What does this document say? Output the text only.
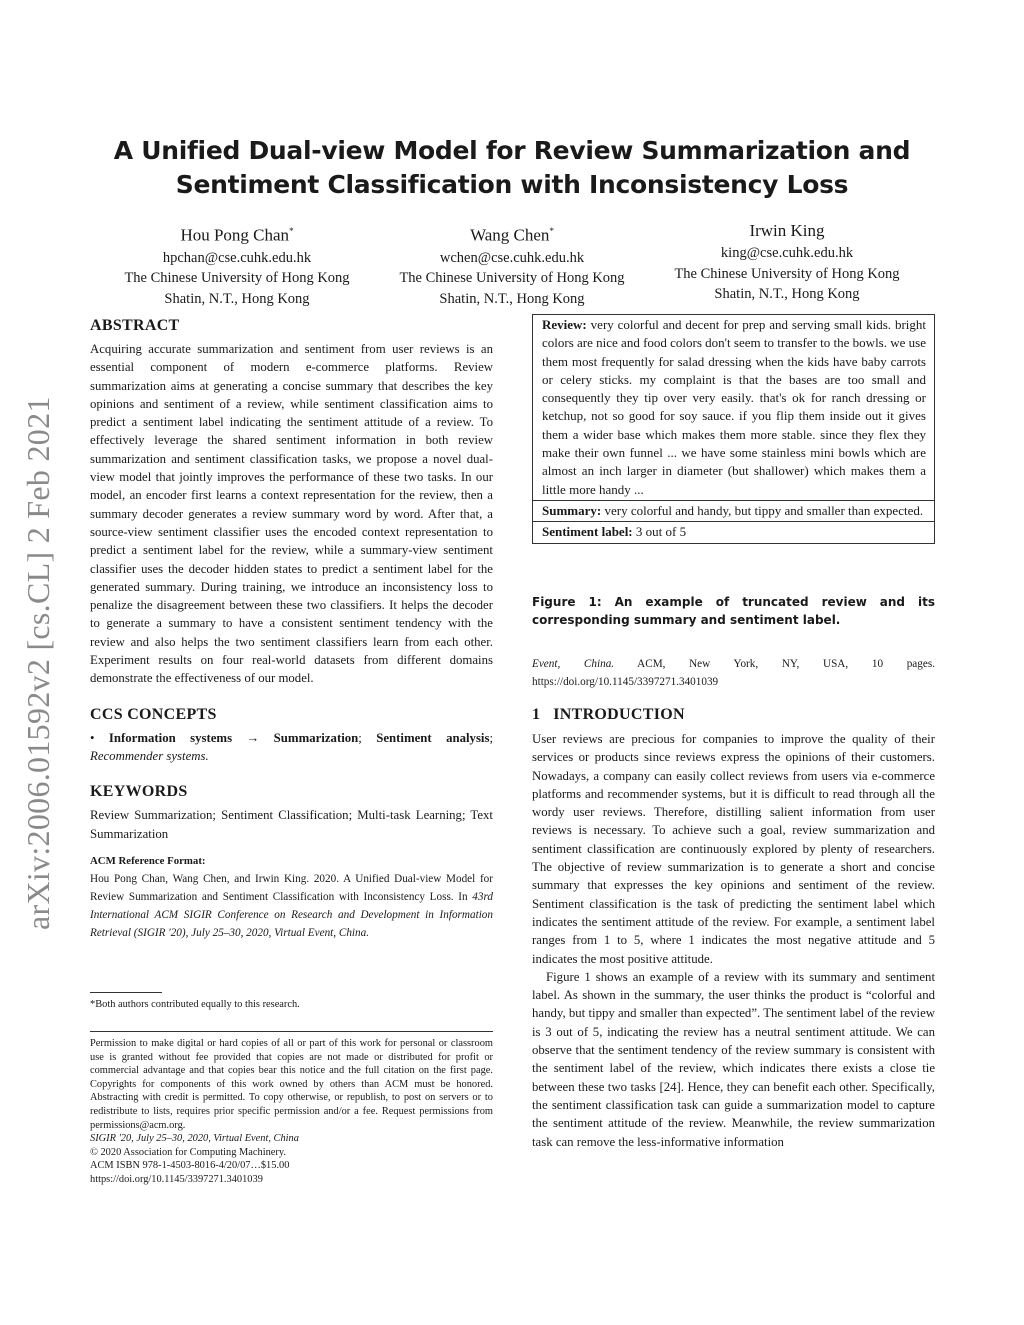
A Unified Dual-view Model for Review Summarization and
Sentiment Classification with Inconsistency Loss
Hou Pong Chan*
hpchan@cse.cuhk.edu.hk
The Chinese University of Hong Kong
Shatin, N.T., Hong Kong
Wang Chen*
wchen@cse.cuhk.edu.hk
The Chinese University of Hong Kong
Shatin, N.T., Hong Kong
Irwin King
king@cse.cuhk.edu.hk
The Chinese University of Hong Kong
Shatin, N.T., Hong Kong
arXiv:2006.01592v2 [cs.CL] 2 Feb 2021
ABSTRACT

Acquiring accurate summarization and sentiment from user reviews is an essential component of modern e-commerce platforms. Review summarization aims at generating a concise summary that describes the key opinions and sentiment of a review, while sentiment classification aims to predict a sentiment label indicating the sentiment attitude of a review. To effectively leverage the shared sentiment information in both review summarization and sentiment classification tasks, we propose a novel dual-view model that jointly improves the performance of these two tasks. In our model, an encoder first learns a context representation for the review, then a summary decoder generates a review summary word by word. After that, a source-view sentiment classifier uses the encoded context representation to predict a sentiment label for the review, while a summary-view sentiment classifier uses the decoder hidden states to predict a sentiment label for the generated summary. During training, we introduce an inconsistency loss to penalize the disagreement between these two classifiers. It helps the decoder to generate a summary to have a consistent sentiment tendency with the review and also helps the two sentiment classifiers learn from each other. Experiment results on four real-world datasets from different domains demonstrate the effectiveness of our model.

CCS CONCEPTS

• Information systems → Summarization; Sentiment analysis; Recommender systems.

KEYWORDS

Review Summarization; Sentiment Classification; Multi-task Learning; Text Summarization

ACM Reference Format:

Hou Pong Chan, Wang Chen, and Irwin King. 2020. A Unified Dual-view Model for Review Summarization and Sentiment Classification with Inconsistency Loss. In 43rd International ACM SIGIR Conference on Research and Development in Information Retrieval (SIGIR '20), July 25–30, 2020, Virtual Event, China.

*Both authors contributed equally to this research.

Permission to make digital or hard copies of all or part of this work for personal or classroom use is granted without fee provided that copies are not made or distributed for profit or commercial advantage and that copies bear this notice and the full citation on the first page. Copyrights for components of this work owned by others than ACM must be honored. Abstracting with credit is permitted. To copy otherwise, or republish, to post on servers or to redistribute to lists, requires prior specific permission and/or a fee. Request permissions from permissions@acm.org.

SIGIR '20, July 25–30, 2020, Virtual Event, China
© 2020 Association for Computing Machinery.
ACM ISBN 978-1-4503-8016-4/20/07…$15.00
https://doi.org/10.1145/3397271.3401039
Review: very colorful and decent for prep and serving small kids. bright colors are nice and food colors don't seem to transfer to the bowls. we use them most frequently for salad dressing when the kids have baby carrots or celery sticks. my complaint is that the bases are too small and consequently they tip over very easily. that's ok for ranch dressing or ketchup, not so good for soy sauce. if you flip them inside out it gives them a wider base which makes them more stable. since they flex they make their own funnel ... we have some stainless mini bowls which are almost an inch larger in diameter (but shallower) which makes them a little more handy ...
Summary: very colorful and handy, but tippy and smaller than expected.
Sentiment label: 3 out of 5
Figure 1: An example of truncated review and its corresponding summary and sentiment label.

Event, China. ACM, New York, NY, USA, 10 pages. https://doi.org/10.1145/3397271.3401039

1 INTRODUCTION

User reviews are precious for companies to improve the quality of their services or products since reviews express the opinions of their customers. Nowadays, a company can easily collect reviews from users via e-commerce platforms and recommender systems, but it is difficult to read through all the wordy user reviews. Therefore, distilling salient information from user reviews is necessary. To achieve such a goal, review summarization and sentiment classification are continuously explored by plenty of researchers. The objective of review summarization is to generate a short and concise summary that expresses the key opinions and sentiment of the review. Sentiment classification is the task of predicting the sentiment label which indicates the sentiment attitude of the review. For example, a sentiment label ranges from 1 to 5, where 1 indicates the most negative attitude and 5 indicates the most positive attitude.

Figure 1 shows an example of a review with its summary and sentiment label. As shown in the summary, the user thinks the product is “colorful and handy, but tippy and smaller than expected”. The sentiment label of the review is 3 out of 5, indicating the review has a neutral sentiment attitude. We can observe that the sentiment tendency of the review summary is consistent with the sentiment label of the review, which indicates there exists a close tie between these two tasks [24]. Hence, they can benefit each other. Specifically, the sentiment classification task can guide a summarization model to capture the sentiment attitude of the review. Meanwhile, the review summarization task can remove the less-informative information
